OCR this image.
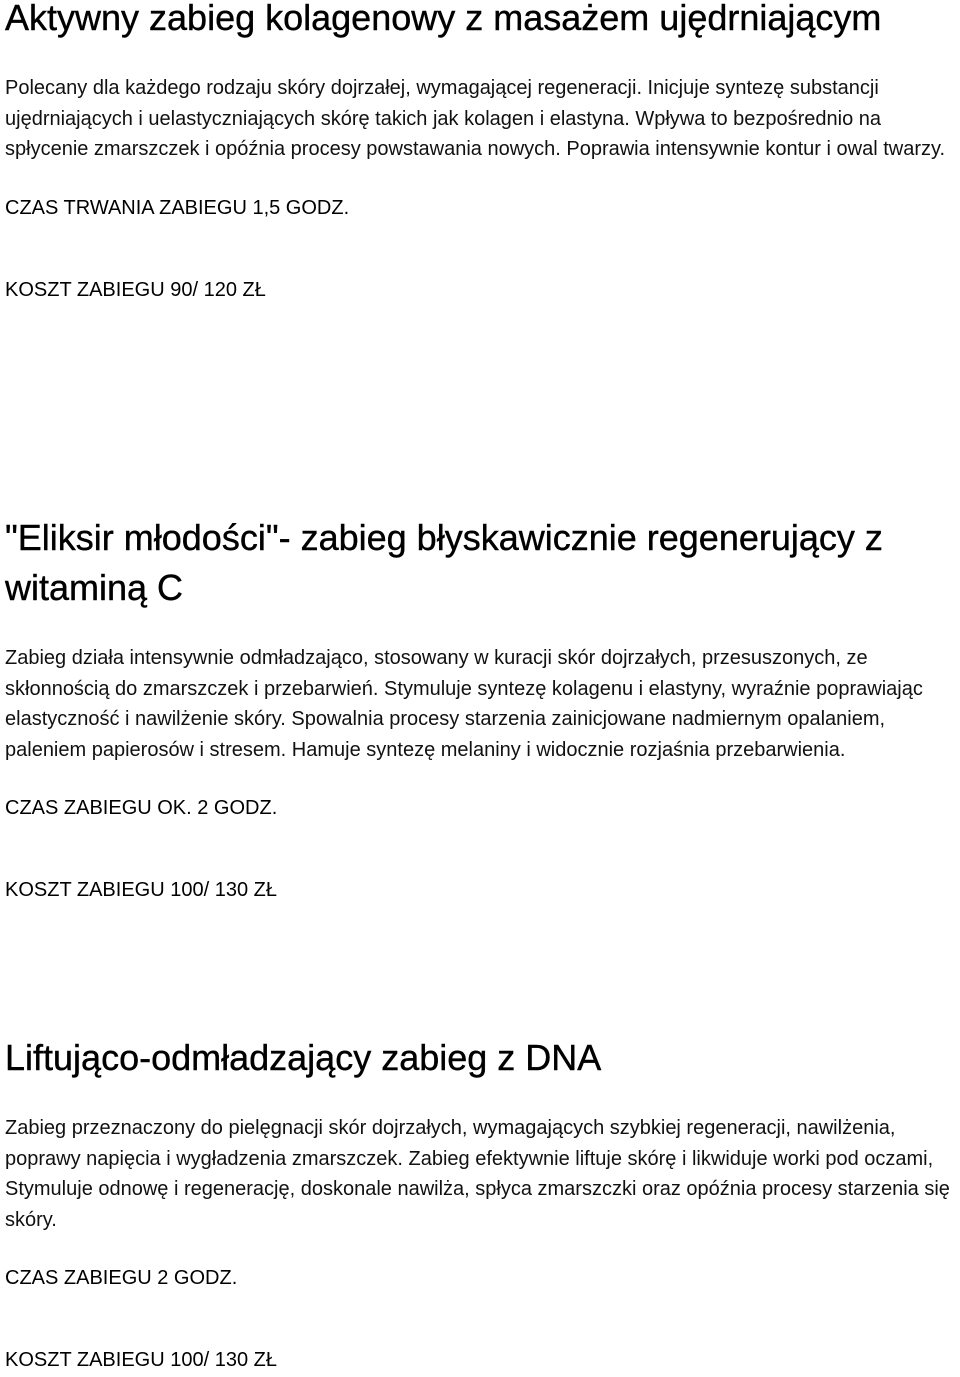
Aktywny zabieg kolagenowy z masażem ujędrniającym

Polecany dla każdego rodzaju skóry dojrzałej, wymagającej regeneracji. Inicjuje syntezę substancji ujędrniających i uelastyczniających skórę takich jak kolagen i elastyna. Wpływa to bezpośrednio na spłycenie zmarszczek i opóźnia procesy powstawania nowych. Poprawia intensywnie kontur i owal twarzy.

CZAS TRWANIA ZABIEGU 1,5 GODZ.

KOSZT ZABIEGU 90/ 120 ZŁ

"Eliksir młodości"- zabieg błyskawicznie regenerujący z witaminą C

Zabieg działa intensywnie odmładzająco, stosowany w kuracji skór dojrzałych, przesuszonych, ze skłonnością do zmarszczek i przebarwień. Stymuluje syntezę kolagenu i elastyny, wyraźnie poprawiając elastyczność i nawilżenie skóry. Spowalnia procesy starzenia zainicjowane nadmiernym opalaniem, paleniem papierosów i stresem. Hamuje syntezę melaniny i widocznie rozjaśnia przebarwienia.

CZAS ZABIEGU OK. 2 GODZ.

KOSZT ZABIEGU 100/ 130 ZŁ

Liftująco-odmładzający zabieg z DNA

Zabieg przeznaczony do pielęgnacji skór dojrzałych, wymagających szybkiej regeneracji, nawilżenia, poprawy napięcia i wygładzenia zmarszczek. Zabieg efektywnie liftuje skórę i likwiduje worki pod oczami, Stymuluje odnowę i regenerację, doskonale nawilża, spłyca zmarszczki oraz opóźnia procesy starzenia się skóry.

CZAS ZABIEGU 2 GODZ.

KOSZT ZABIEGU 100/ 130 ZŁ
